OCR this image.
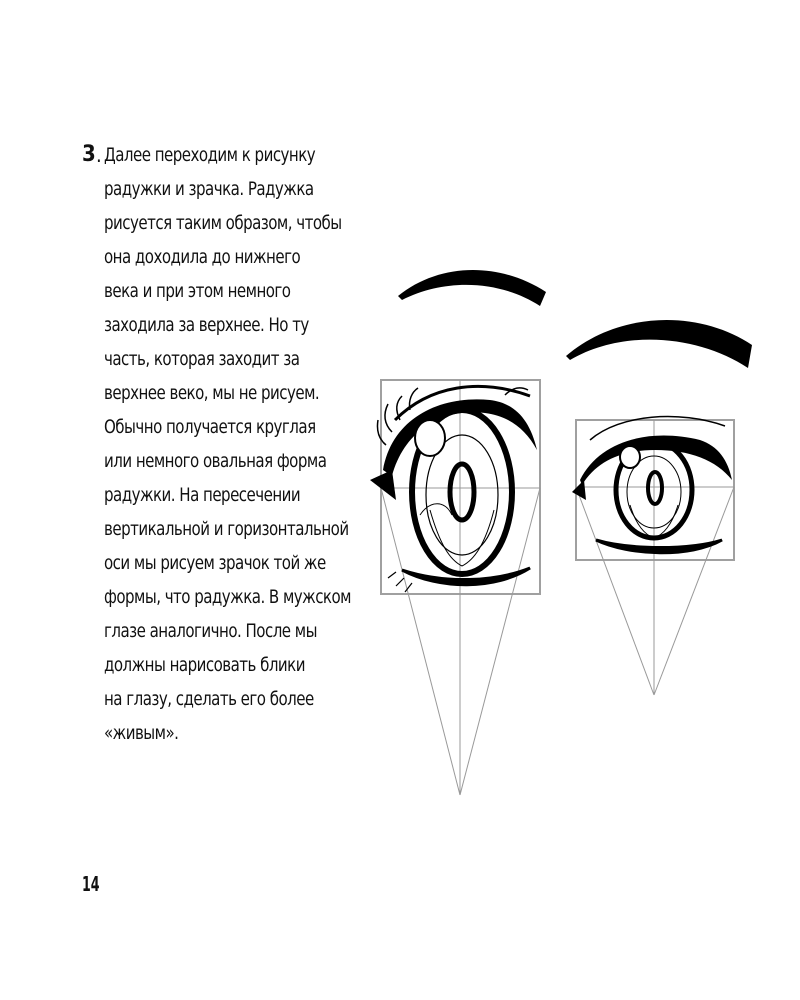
3 . Далее переходим к рисунку
радужки и зрачка. Радужка
рисуется таким образом, чтобы
она доходила до нижнего
века и при этом немного
заходила за верхнее. Но ту
часть, которая заходит за
верхнее веко, мы не рисуем.
Обычно получается круглая
или немного овальная форма
радужки. На пересечении
вертикальной и горизонтальной
оси мы рисуем зрачок той же
формы, что радужка. В мужском
глазе аналогично. После мы
должны нарисовать блики
на глазу, сделать его более
«живым».
14
